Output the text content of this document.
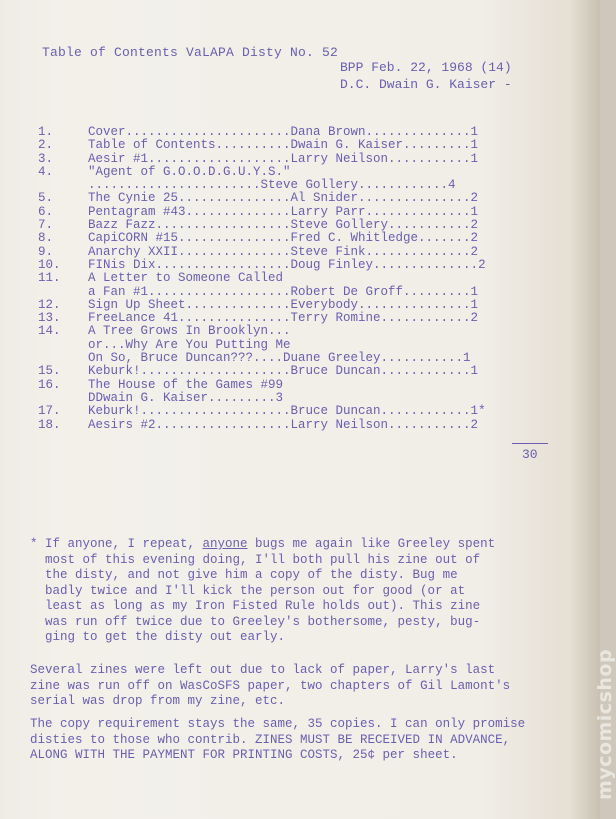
Table of Contents VaLAPA Disty No. 52
BPP Feb. 22, 1968 (14)
D.C. Dwain G. Kaiser -
1.	Cover......................Dana Brown..............1
2.	Table of Contents..........Dwain G. Kaiser.........1
3.	Aesir #1...................Larry Neilson...........1
4.	"Agent of G.O.O.D.G.U.Y.S."
.......................Steve Gollery............4
5.	The Cynie 25...............Al Snider...............2
6.	Pentagram #43..............Larry Parr..............1
7.	Bazz Fazz..................Steve Gollery...........2
8.	CapiCORN #15...............Fred C. Whitledge.......2
9.	Anarchy XXII...............Steve Fink..............2
10.	FINis Dix..................Doug Finley..............2
11.	A Letter to Someone Called
a Fan #1...................Robert De Groff.........1
12.	Sign Up Sheet..............Everybody...............1
13.	FreeLance 41...............Terry Romine............2
14.	A Tree Grows In Brooklyn...
or...Why Are You Putting Me
On So, Bruce Duncan???....Duane Greeley...........1
15.	Keburk!....................Bruce Duncan............1
16.	The House of the Games #99
DDwain G. Kaiser.........3
17.	Keburk!....................Bruce Duncan............1*
18.	Aesirs #2..................Larry Neilson...........2
30
* If anyone, I repeat, anyone bugs me again like Greeley spent
most of this evening doing, I'll both pull his zine out of
the disty, and not give him a copy of the disty. Bug me
badly twice and I'll kick the person out for good (or at
least as long as my Iron Fisted Rule holds out). This zine
was run off twice due to Greeley's bothersome, pesty, bug-
ging to get the disty out early.
Several zines were left out due to lack of paper, Larry's last
zine was run off on WasCoSFS paper, two chapters of Gil Lamont's
serial was drop from my zine, etc.
The copy requirement stays the same, 35 copies. I can only promise
disties to those who contrib. ZINES MUST BE RECEIVED IN ADVANCE,
ALONG WITH THE PAYMENT FOR PRINTING COSTS, 25¢ per sheet.	mycomicshop
